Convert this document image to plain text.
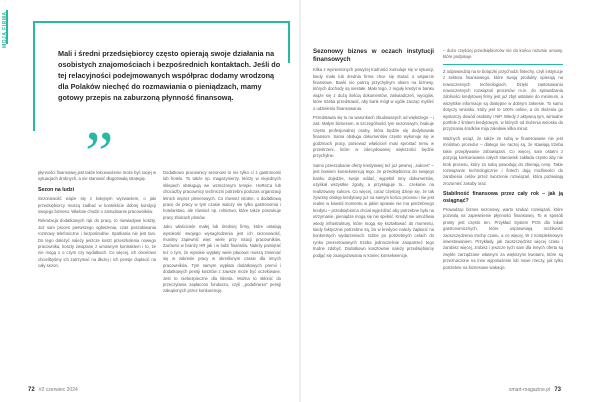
MOJA FIRMA

Mali i średni przedsiębiorcy często opierają swoje działania na osobistych znajomościach i bezpośrednich kontaktach. Jeśli do tej relacyjności podejmowanych współprac dodamy wrodzoną dla Polaków niechęć do rozmawiania o pieniądzach, mamy gotowy przepis na zaburzoną płynność finansową.

”

płynności finansowej jest także lekceważenie może być racjej w sytuacjach drobnych, a nie stanowić długotrwałą strategię.

Sezon na ludzi

Sezonowość wiąże się z kolejnym wyzwaniem, o jaki przedsiębiorcy muszą zadbać w kontekście dobrej kondycji swojego biznesu. Właśnie chodzi o zatrudnianie pracowników.

Rekrutacja dodatkowych rąk do pracy, to niewiadywe koszty. Już sam proces pierwszego ogłoszenia, czas poszukiwania rozmowy telefoniczne i bezpośrednie. Spotkania nie jest tani. Do tego dołożyć należy jeszcze koszt przeszkolenia nowego pracownika, koszty związane z umownym kontraktem i to, że nie mogą o o czym czy wydatkach. Co więcej, ich docelowo chcielibyśmy ich zatrzymać na dłużej i ich pensje dopłacić na cały sezon.

Dodatkowo pracownicy sezonowi to nie tylko ci z gastronomii lub hotelu. To także np. magazynierzy, którzy w niejednych sklepach obsługują we wzmożonym tempie. HoReCa lub chociażby pracownicy techniczni potrzebni podczas organizacji letnich imprez plenerowych. Co również istotne, o dodatkową pracę do pracy w tym czasie walczy nie tylko gastronomia i hotelarstwo, ale również np. rolnictwo, które także poszukuje pracy zbiorach plonów.

Jako właściciele małej lub średniej firmy, które ustalają wysokość swojego wynagrodzenia jest ich sezonowość, musimy zapewnić więc wiele przy rotacji pracowników. Zarówno w branży HR jak i w ludzi finansów. Należy pamiętać też o tym, że wysokie wypłaty wiele płacowe muszą zmieniać się w zakresie pracy w określonym czasie dla innych pracowników. Tym samym wypłata dodatkowych premii i dodatkowych pensji kosztów z zawsze może być oczekiwane. Jest to niebezpieczne dla klienta. Można to skłonić do przeczytania zapłacono funduszu, czyli ,,podebrania'' pensji zakupionych przez konkurencję.

72 #2 czerwiec 2024
Sezonowy biznes w oczach instytucji finansowych

Klika z wymienionych powyżej trudności kumuluje się w sytuacji, kiedy mała lub średnia firma chce się starać o wsparcie finansowe. Banki nie patrzą przychylnym okiem na biznesy, których dochody są niestałe. Mało tego, z reguły kredyt w banku wiąże się z dużą ilością dokumentów, zaświadczeń, wycigów, które trzeba przedstawić, aby bank mógł w ogóle zacząć myśleć o udzieleniu finansowania.

Przedstawia się to na warunkach zbudowanych od większego – i zaś. Małym biznesom, w szczególności tym sezonowym, brakuje często profesjonalnej osoby, która będzie się dedykowała finansom. Sama obsługa dokumentów często wykonuje się w godzinach pracy, ponieważ właściciel musi sprostać temu w przestrzeni, które w zdecydowanej większości będzie przychylne.

Samo przeszukanie oferty kredytowej też już pewnej ,,sukces'' – jest bowiem konsekwencją tego, że przedsiębiorca do swojego banku dojedzie, swoje oddać, wypełnił tony dokumentów, uzyskał wszystkie zgody, a przysługuje to... czekanie na realizowany sukces. Co więcej, coraz częściej dzieje się, że tak żywotny dostęp kredytowy już na samym końcu procesu i nie jest realne w kwestii momentu w jakim sprawie nie ma potrzebnego kredytu – przedsiębiorca chciał wyjeżdżać aby potrzebne było na utrzymanie, pieniądze mogą się nie spełnić. Kredyt nie umożliwia wtedy infrastruktury, które mogą się kształtować do momentu, kiedy faktycznie potrzebne są, bo w kredycie należy zapłacić na konkretnych wydarzeniach. Gdzie po potrzebnych celach do rynku prezentowanych trzeba jednocześnie zaopatrzeć tego trudne zdobyć. Dodatkowo kosztownie należy przedsiębiorcę podjąć się zaangażowania w koniec konsekwencje.

– dużo częściej przedsiębiorców nie do końca rozumie umowy, które podpisuje.

Z odpowiedzią na te bolączki przychodzi fintechy, czyli instytucje z sektora finansowego, które swoją produkty opierają na nowoczesnych technologiach. Dzięki zastosowaniu nowoczesnych rozwiązań procesów m.in. do sprawdzania zdolności kredytowej firmy jest już zbyt ustalane do minimum, a wszystkie informacje są dostępne w dobrym zakresie. To samo dotyczy wniosku, który jest te 100% online, a do złożenia go wystarczy dowód osobisty i NIP. Wtedy z aktywną tym, wirtualne portfele z limitem kredytowym, w których od złożenia wniosku do przyznania środków mija zaledwie kilka minut.

Ważnych wciąż, że także ze sobą w finansowanie nie jest mnóstwo procedur – dlatego nie raczej są, że stawiają trzeba takie przepływanie zobowiązań. Co więcej, sam ostatni z pozycją konkurowania całych stanowisk zakłada często aby nie krok procesu, który za sobą powodują do zbierają cenę. Takie rozwiązanie technologicznie i fintech dają możliwości do zarobienia celów przez tworzenie rozwiązań, która pozwalają zrozumieć zasoby oraz.

Stabilność finansowa przez cały rok – jak ją osiągnąć?

Prowadząc biznes sezonowy, warto szukać rozwiązań, które pozwolą na zapewnienie płynności finansowej. To w sposób prosty jest często ten. Przykład System POS dla lokali gastronomicznych, które usprawniają możliwość zaoszczędzenia trochę czasu, a co więcej, W z kompleksowym inwestowaniem. Przykłady, jak zaoszczędzisz więcej czasu i zarobisz więcej, zrobisz i jeszcze tych sam dla innych oferta są zwykle zarządzane własnym za większymi kwotami, które są przeznaczone na inne wyposażenie lub nowe rzeczy, jak tylko potrzebne na biznesowe wakacje.

smart-magazine.pl 73
